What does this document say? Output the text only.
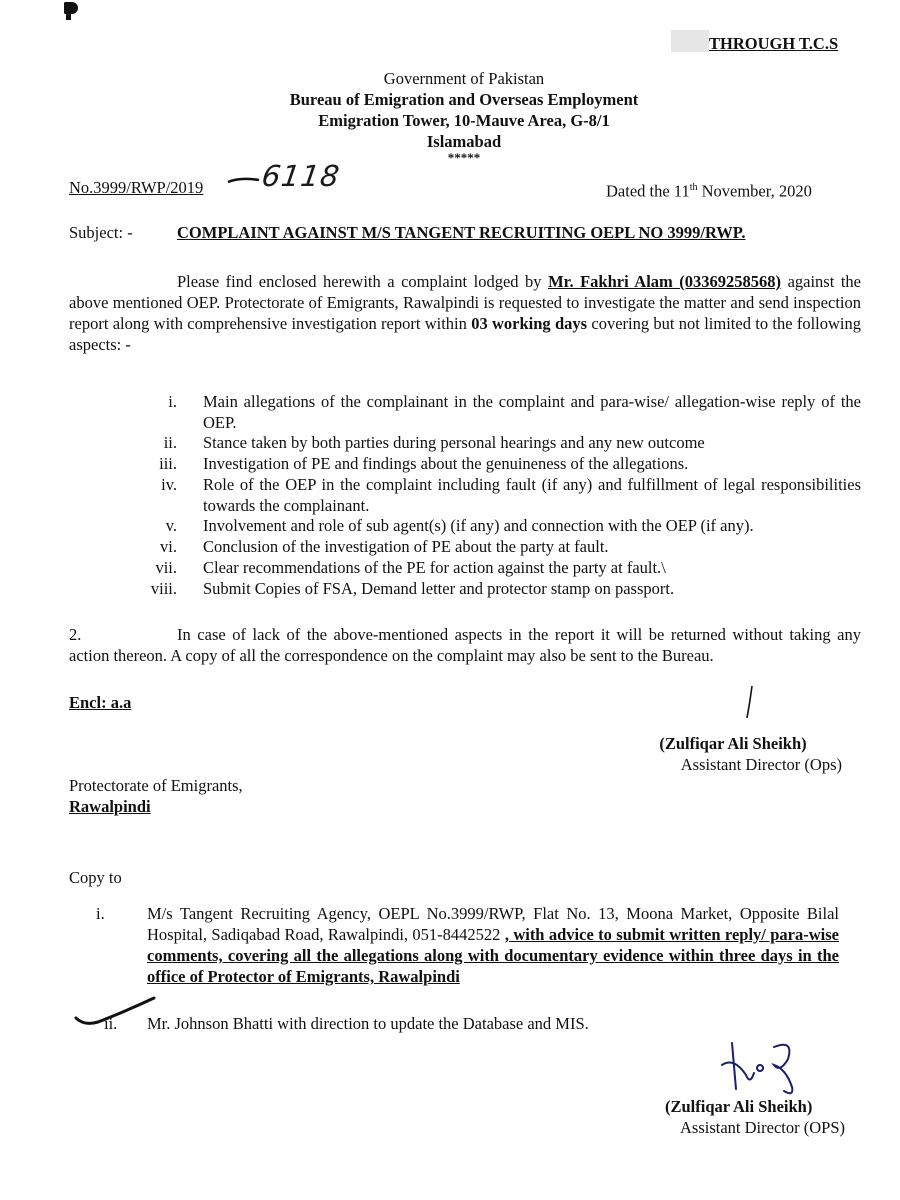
THROUGH T.C.S
Government of Pakistan
Bureau of Emigration and Overseas Employment
Emigration Tower, 10-Mauve Area, G-8/1
Islamabad
*****
No.3999/RWP/2019 6118	Dated the 11th November, 2020
Subject: -	COMPLAINT AGAINST M/S TANGENT RECRUITING OEPL NO 3999/RWP.
Please find enclosed herewith a complaint lodged by Mr. Fakhri Alam (03369258568) against the above mentioned OEP. Protectorate of Emigrants, Rawalpindi is requested to investigate the matter and send inspection report along with comprehensive investigation report within 03 working days covering but not limited to the following aspects: -
i. Main allegations of the complainant in the complaint and para-wise/ allegation-wise reply of the OEP.
ii. Stance taken by both parties during personal hearings and any new outcome
iii. Investigation of PE and findings about the genuineness of the allegations.
iv. Role of the OEP in the complaint including fault (if any) and fulfillment of legal responsibilities towards the complainant.
v. Involvement and role of sub agent(s) (if any) and connection with the OEP (if any).
vi. Conclusion of the investigation of PE about the party at fault.
vii. Clear recommendations of the PE for action against the party at fault.\
viii. Submit Copies of FSA, Demand letter and protector stamp on passport.
2.	In case of lack of the above-mentioned aspects in the report it will be returned without taking any action thereon. A copy of all the correspondence on the complaint may also be sent to the Bureau.
Encl: a.a
(Zulfiqar Ali Sheikh)
Assistant Director (Ops)
Protectorate of Emigrants,
Rawalpindi
Copy to
i.	M/s Tangent Recruiting Agency, OEPL No.3999/RWP, Flat No. 13, Moona Market, Opposite Bilal Hospital, Sadiqabad Road, Rawalpindi, 051-8442522 , with advice to submit written reply/ para-wise comments, covering all the allegations along with documentary evidence within three days in the office of Protector of Emigrants, Rawalpindi
ii. Mr. Johnson Bhatti with direction to update the Database and MIS.
(Zulfiqar Ali Sheikh)
Assistant Director (OPS)
